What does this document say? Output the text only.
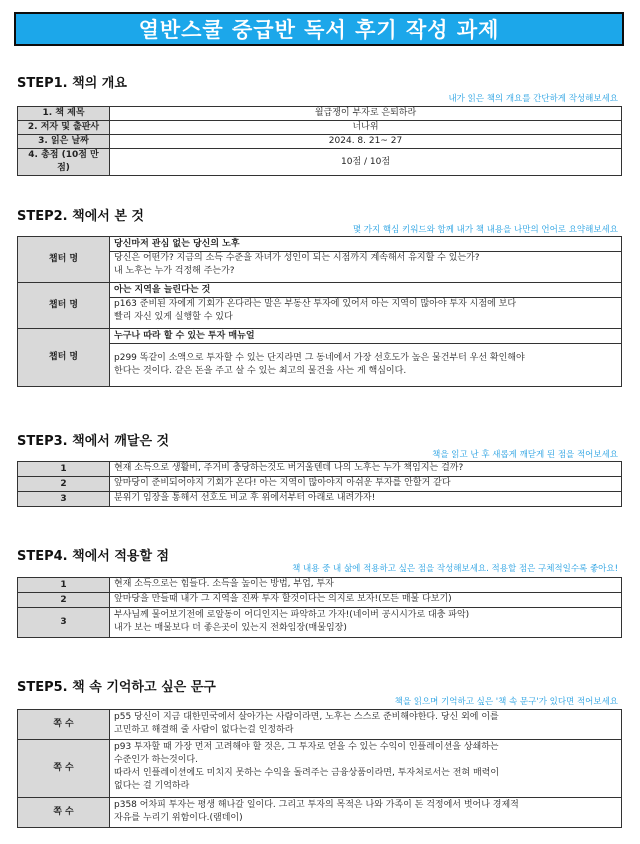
열반스쿨 중급반 독서 후기 작성 과제
STEP1. 책의 개요
내가 읽은 책의 개요를 간단하게 작성해보세요
1. 책 제목	월급쟁이 부자로 은퇴하라
2. 저자 및 출판사	너나위
3. 읽은 날짜	2024. 8. 21~ 27
4. 총점 (10점 만점)	10점 / 10점
STEP2. 책에서 본 것
몇 가지 핵심 키워드와 함께 내가 책 내용을 나만의 언어로 요약해보세요
챕터 명	당신마저 관심 없는 당신의 노후
당신은 어떤가? 지금의 소득 수준을 자녀가 성인이 되는 시점까지 계속해서 유지할 수 있는가?
내 노후는 누가 걱정해 주는가?

챕터 명	아는 지역을 늘린다는 것
p163 준비된 자에게 기회가 온다라는 말은 부동산 투자에 있어서 아는 지역이 많아야 투자 시점에 보다
빨리 자신 있게 실행할 수 있다

챕터 명	누구나 따라 할 수 있는 투자 매뉴얼
p299 똑같이 소액으로 투자할 수 있는 단지라면 그 동네에서 가장 선호도가 높은 물건부터 우선 확인해야
한다는 것이다. 같은 돈을 주고 살 수 있는 최고의 물건을 사는 게 핵심이다.
STEP3. 책에서 깨달은 것
책을 읽고 난 후 새롭게 깨닫게 된 점을 적어보세요
1	현재 소득으로 생활비, 주거비 충당하는것도 버거울텐데 나의 노후는 누가 책임지는 걸까?
2	앞마당이 준비되어야지 기회가 온다! 아는 지역이 많아야지 아쉬운 투자를 안할거 같다
3	분위기 임장을 통해서 선호도 비교 후 위에서부터 아래로 내려가자!
STEP4. 책에서 적용할 점
책 내용 중 내 삶에 적용하고 싶은 점을 작성해보세요. 적용할 점은 구체적일수록 좋아요!
1	현재 소득으로는 힘들다. 소득을 높이는 방법, 부업, 투자
2	앞마당을 만들때 내가 그 지역을 진짜 투자 할것이다는 의지로 보자!(모든 매물 다보기)
3	부사님께 물어보기전에 로알동이 어디인지는 파악하고 가자!(네이버 공시시가로 대충 파악)
내가 보는 매물보다 더 좋은곳이 있는지 전화임장(매물임장)
STEP5. 책 속 기억하고 싶은 문구
책을 읽으며 기억하고 싶은 '책 속 문구'가 있다면 적어보세요
쪽 수	p55 당신이 지금 대한민국에서 살아가는 사람이라면, 노후는 스스로 준비해야한다. 당신 외에 이를
고민하고 해결해 줄 사람이 없다는걸 인정하라

쪽 수	p93 투자할 때 가장 먼저 고려해야 할 것은, 그 투자로 얻을 수 있는 수익이 인플레이션을 상쇄하는
수준인가 하는것이다.
따라서 인플레이션에도 미치지 못하는 수익을 돌려주는 금융상품이라면, 투자처로서는 전혀 매력이
없다는 걸 기억하라

쪽 수	p358 어차피 투자는 평생 해나갈 일이다. 그리고 투자의 목적은 나와 가족이 돈 걱정에서 벗어나 경제적
자유를 누리기 위함이다.(램데이)
